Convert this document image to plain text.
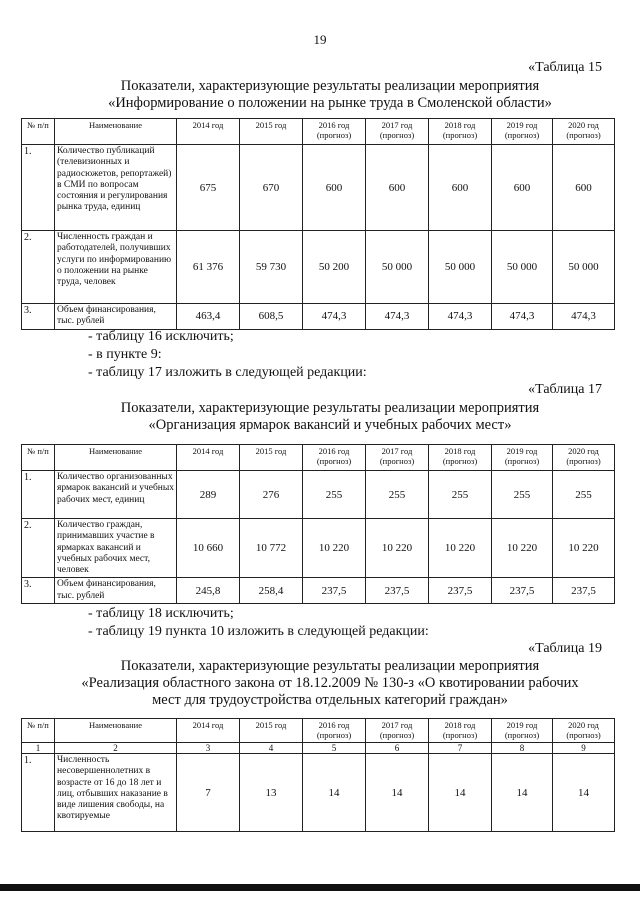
19
«Таблица 15
Показатели, характеризующие результаты реализации мероприятия
«Информирование о положении на рынке труда в Смоленской области»
№ п/п	Наименование	2014 год	2015 год	2016 год (прогноз)	2017 год (прогноз)	2018 год (прогноз)	2019 год (прогноз)	2020 год (прогноз)
1.	Количество публикаций (телевизионных и радиосюжетов, репортажей) в СМИ по вопросам состояния и регулирования рынка труда, единиц	675	670	600	600	600	600	600
2.	Численность граждан и работодателей, получивших услуги по информированию о положении на рынке труда, человек	61 376	59 730	50 200	50 000	50 000	50 000	50 000
3.	Объем финансирования, тыс. рублей	463,4	608,5	474,3	474,3	474,3	474,3	474,3
- таблицу 16 исключить;
- в пункте 9:
- таблицу 17 изложить в следующей редакции:
«Таблица 17
Показатели, характеризующие результаты реализации мероприятия
«Организация ярмарок вакансий и учебных рабочих мест»
№ п/п	Наименование	2014 год	2015 год	2016 год (прогноз)	2017 год (прогноз)	2018 год (прогноз)	2019 год (прогноз)	2020 год (прогноз)
1.	Количество организованных ярмарок вакансий и учебных рабочих мест, единиц	289	276	255	255	255	255	255
2.	Количество граждан, принимавших участие в ярмарках вакансий и учебных рабочих мест, человек	10 660	10 772	10 220	10 220	10 220	10 220	10 220
3.	Объем финансирования, тыс. рублей	245,8	258,4	237,5	237,5	237,5	237,5	237,5
- таблицу 18 исключить;
- таблицу 19 пункта 10 изложить в следующей редакции:
«Таблица 19
Показатели, характеризующие результаты реализации мероприятия
«Реализация областного закона от 18.12.2009 № 130-з «О квотировании рабочих
мест для трудоустройства отдельных категорий граждан»
№ п/п	Наименование	2014 год	2015 год	2016 год (прогноз)	2017 год (прогноз)	2018 год (прогноз)	2019 год (прогноз)	2020 год (прогноз)
1	2	3	4	5	6	7	8	9
1.	Численность несовершеннолетних в возрасте от 16 до 18 лет и лиц, отбывших наказание в виде лишения свободы, на квотируемые	7	13	14	14	14	14	14
